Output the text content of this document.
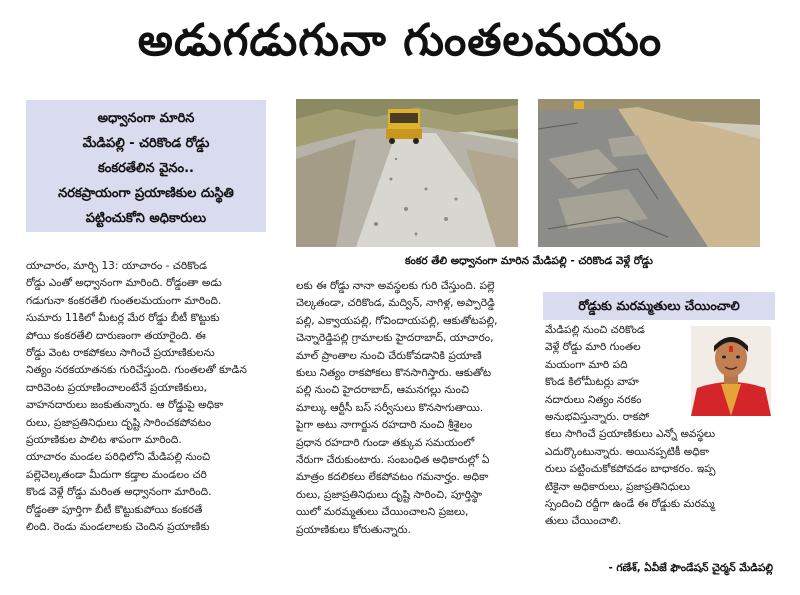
అడుగడుగునా గుంతలమయం
అధ్వానంగా మారిన
మేడిపల్లి - చరికొండ రోడ్డు
కంకరతేలిన వైనం..
నరకప్రాయంగా ప్రయాణికుల దుస్థితి
పట్టించుకోని అధికారులు
కంకర తేలి అధ్వానంగా మారిన మేడిపల్లి - చరికొండ వెళ్లే రోడ్డు
యాచారం, మార్చి 13: యాచారం - చరికొండ
రోడ్డు ఎంతో అధ్వానంగా మారింది. రోడ్డంతా అడు
గడుగునా కంకరతేలి గుంతలమయంగా మారింది.
సుమారు 11కిలో మీటర్ల మేర రోడ్డు బీటీ కొట్టుకు
పోయి కంకరతేలి దారుణంగా తయారైంది. ఈ
రోడ్డు వెంట రాకపోకలు సాగించే ప్రయాణికులను
నిత్యం నరకయాతనకు గురిచేస్తుంది. గుంతలతో కూడిన
దారివెంట ప్రయాణించాలంటేనే ప్రయాణికులు,
వాహనదారులు జంకుతున్నారు. ఆ రోడ్డుపై అధికా
రులు, ప్రజాప్రతినిధులు దృష్టి సారించకపోవటం
ప్రయాణికుల పాలిట శాపంగా మారింది.
యాచారం మండల పరిధిలోని మేడిపల్లి నుంచి
పల్లెచెల్కతండా మీదుగా కడ్తాల మండలం చరి
కొండ వెళ్లే రోడ్డు మరింత అధ్వానంగా మారింది.
రోడ్డంతా పూర్తిగా బీటీ కొట్టుకుపోయి కంకరతే
లింది. రెండు మండలాలకు చెందిన ప్రయాణికు
లకు ఈ రోడ్డు నానా అవస్థలకు గురి చేస్తుంది. పల్లె
చెల్కతండా, చరికొండ, మద్విన్, నాగిళ్ల, అప్పారెడ్డి
పల్లి, ఎక్వాయపల్లి, గోవిందాయపల్లి, ఆకుతోటపల్లి,
చెన్నారెడ్డిపల్లి గ్రామాలకు హైదరాబాద్, యాచారం,
మాల్ ప్రాంతాల నుంచి చేరుకోవడానికి ప్రయాణి
కులు నిత్యం రాకపోకలు కొనసాగిస్తారు. ఆకుతోట
పల్లి నుంచి హైదరాబాద్, ఆమనగల్లు నుంచి
మాల్కు ఆర్టీసీ బస్ సర్వీసులు కొనసాగుతాయి.
పైగా అటు నాగార్జున రహదారి నుంచి శ్రీశైలం
ప్రధాన రహదారి గుండా తక్కువ సమయంలో
నేరుగా చేరుకుంటారు. సంబంధిత అధికారుల్లో ఏ
మాత్రం కదలికలు లేకపోవటం గమనార్హం. అధికా
రులు, ప్రజాప్రతినిధులు దృష్టి సారించి, పూర్తిస్థా
యిలో మరమ్మతులు చేయించాలని ప్రజలు,
ప్రయాణికులు కోరుతున్నారు.
రోడ్డుకు మరమ్మతులు చేయించాలి
మేడిపల్లి నుంచి చరికొండ
వెళ్లే రోడ్డు మారి గుంతల
మయంగా మారి పది
కొండ కిలోమీటర్లు వాహ
నదారులు నిత్యం నరకం
అనుభవిస్తున్నారు. రాకపో
కలు సాగించే ప్రయాణికులు ఎన్నో అవస్థలు
ఎదుర్కొంటున్నారు. అయినప్పటికీ అధికా
రులు పట్టించుకోకపోవడం బాధాకరం. ఇప్ప
టికైనా అధికారులు, ప్రజాప్రతినిధులు
స్పందించి రద్దీగా ఉండే ఈ రోడ్డుకు మరమ్మ
తులు చేయించాలి.
- గణేశ్, ఏవీజే ఫౌండేషన్ చైర్మన్ మేడిపల్లి
